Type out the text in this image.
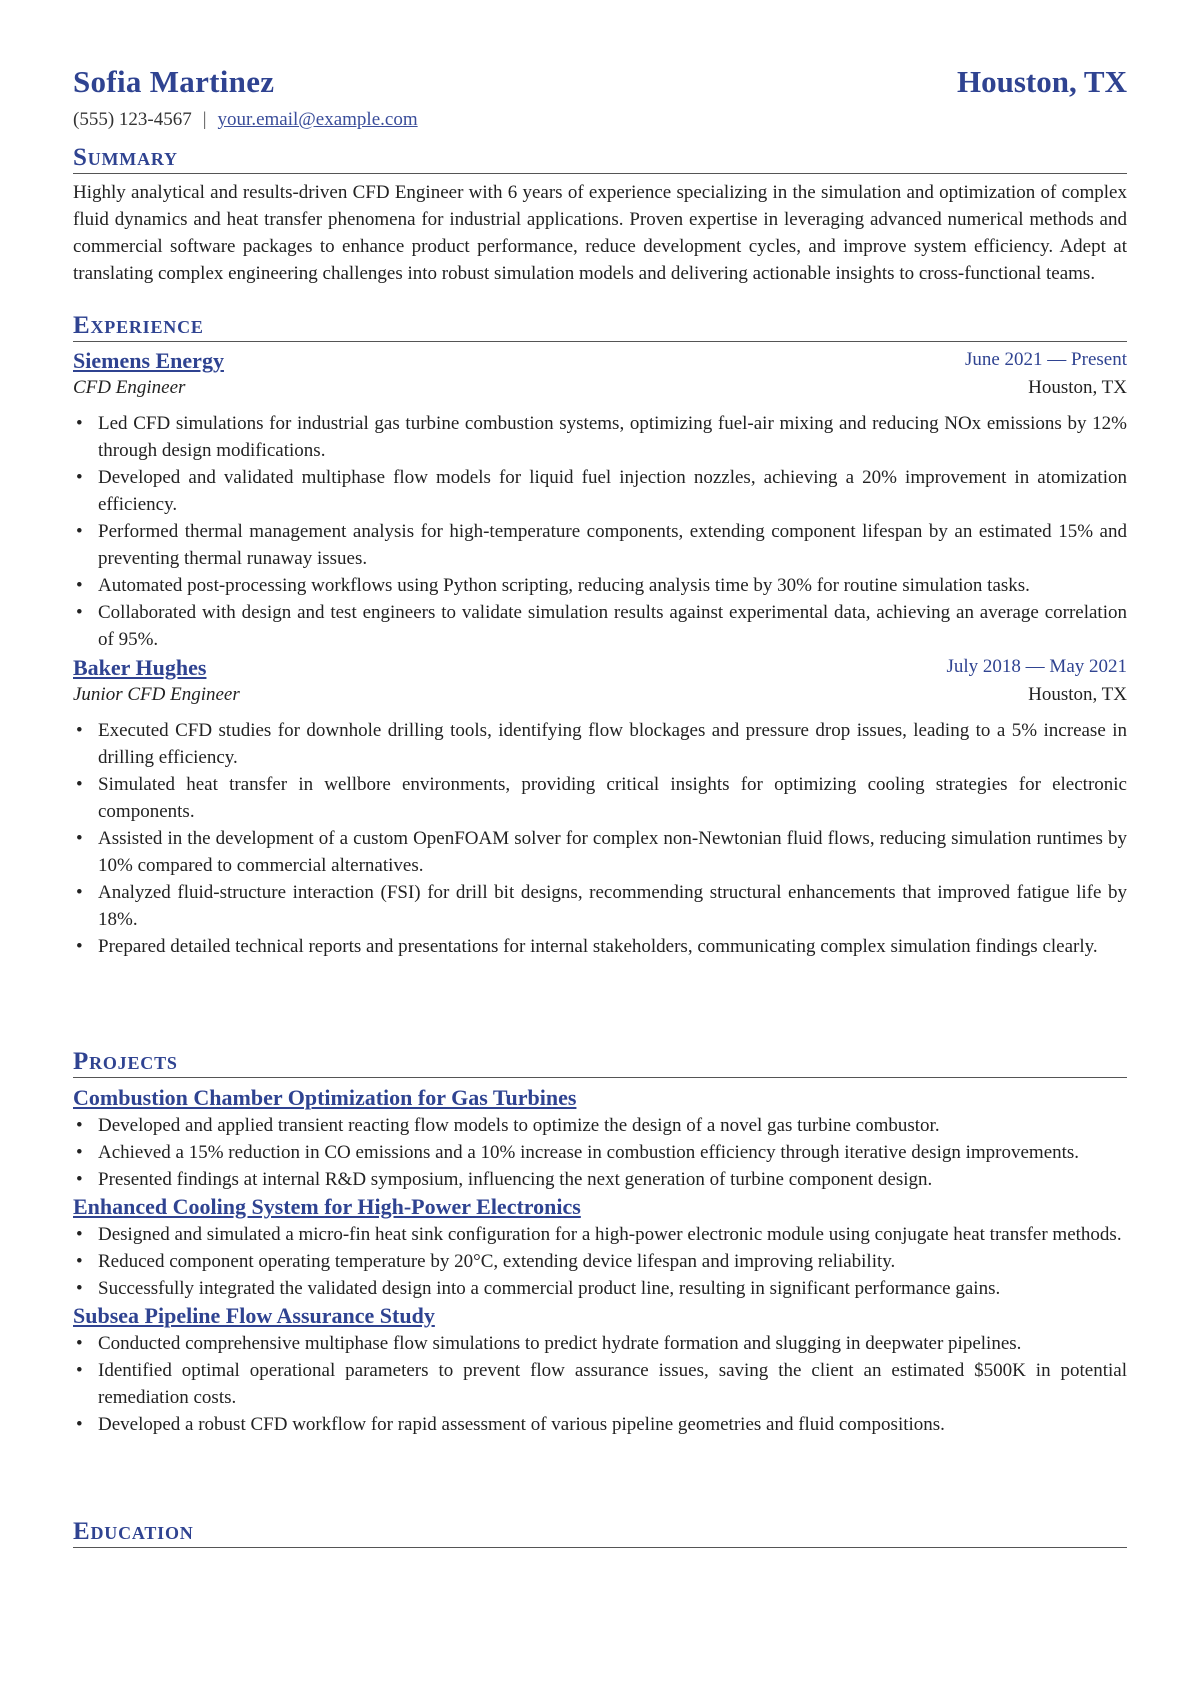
Sofia Martinez	Houston, TX
(555) 123-4567 | your.email@example.com
Summary

Highly analytical and results-driven CFD Engineer with 6 years of experience specializing in the simulation and optimization of complex fluid dynamics and heat transfer phenomena for industrial applications. Proven expertise in leveraging advanced numerical methods and commercial software packages to enhance product performance, reduce development cycles, and improve system efficiency. Adept at translating complex engineering challenges into robust simulation models and delivering actionable insights to cross-functional teams.

Experience
Siemens Energy	June 2021 — Present
CFD Engineer	Houston, TX
• Led CFD simulations for industrial gas turbine combustion systems, optimizing fuel-air mixing and reducing NOx emissions by 12% through design modifications.
• Developed and validated multiphase flow models for liquid fuel injection nozzles, achieving a 20% improvement in atomization efficiency.
• Performed thermal management analysis for high-temperature components, extending component lifespan by an estimated 15% and preventing thermal runaway issues.
• Automated post-processing workflows using Python scripting, reducing analysis time by 30% for routine simulation tasks.
• Collaborated with design and test engineers to validate simulation results against experimental data, achieving an average correlation of 95%.
Baker Hughes	July 2018 — May 2021
Junior CFD Engineer	Houston, TX
• Executed CFD studies for downhole drilling tools, identifying flow blockages and pressure drop issues, leading to a 5% increase in drilling efficiency.
• Simulated heat transfer in wellbore environments, providing critical insights for optimizing cooling strategies for electronic components.
• Assisted in the development of a custom OpenFOAM solver for complex non-Newtonian fluid flows, reducing simulation runtimes by 10% compared to commercial alternatives.
• Analyzed fluid-structure interaction (FSI) for drill bit designs, recommending structural enhancements that improved fatigue life by 18%.
• Prepared detailed technical reports and presentations for internal stakeholders, communicating complex simulation findings clearly.
Projects
Combustion Chamber Optimization for Gas Turbines
• Developed and applied transient reacting flow models to optimize the design of a novel gas turbine combustor.
• Achieved a 15% reduction in CO emissions and a 10% increase in combustion efficiency through iterative design improvements.
• Presented findings at internal R&D symposium, influencing the next generation of turbine component design.
Enhanced Cooling System for High-Power Electronics
• Designed and simulated a micro-fin heat sink configuration for a high-power electronic module using conjugate heat transfer methods.
• Reduced component operating temperature by 20°C, extending device lifespan and improving reliability.
• Successfully integrated the validated design into a commercial product line, resulting in significant performance gains.
Subsea Pipeline Flow Assurance Study
• Conducted comprehensive multiphase flow simulations to predict hydrate formation and slugging in deepwater pipelines.
• Identified optimal operational parameters to prevent flow assurance issues, saving the client an estimated $500K in potential remediation costs.
• Developed a robust CFD workflow for rapid assessment of various pipeline geometries and fluid compositions.
Education
